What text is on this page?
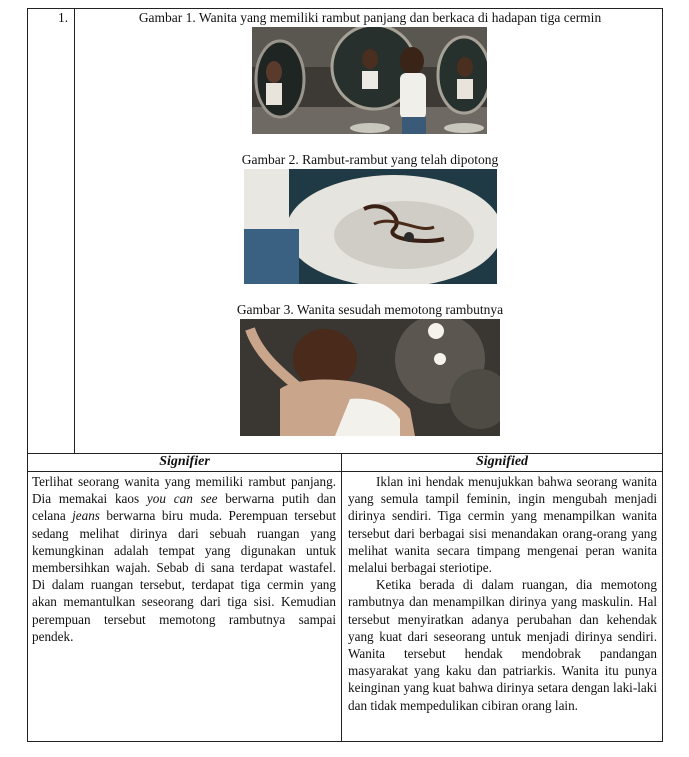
1.	Gambar 1. Wanita yang memiliki rambut panjang dan berkaca di hadapan tiga cermin
Gambar 2. Rambut-rambut yang telah dipotong
Gambar 3. Wanita sesudah memotong rambutnya
Signifier	Signified

Terlihat seorang wanita yang memiliki rambut panjang. Dia memakai kaos you can see berwarna putih dan celana jeans berwarna biru muda. Perempuan tersebut sedang melihat dirinya dari sebuah ruangan yang kemungkinan adalah tempat yang digunakan untuk membersihkan wajah. Sebab di sana terdapat wastafel. Di dalam ruangan tersebut, terdapat tiga cermin yang akan memantulkan seseorang dari tiga sisi. Kemudian perempuan tersebut memotong rambutnya sampai pendek.

Iklan ini hendak menujukkan bahwa seorang wanita yang semula tampil feminin, ingin mengubah menjadi dirinya sendiri. Tiga cermin yang menampilkan wanita tersebut dari berbagai sisi menandakan orang-orang yang melihat wanita secara timpang mengenai peran wanita melalui berbagai steriotipe.

Ketika berada di dalam ruangan, dia memotong rambutnya dan menampilkan dirinya yang maskulin. Hal tersebut menyiratkan adanya perubahan dan kehendak yang kuat dari seseorang untuk menjadi dirinya sendiri. Wanita tersebut hendak mendobrak pandangan masyarakat yang kaku dan patriarkis. Wanita itu punya keinginan yang kuat bahwa dirinya setara dengan laki-laki dan tidak mempedulikan cibiran orang lain.
